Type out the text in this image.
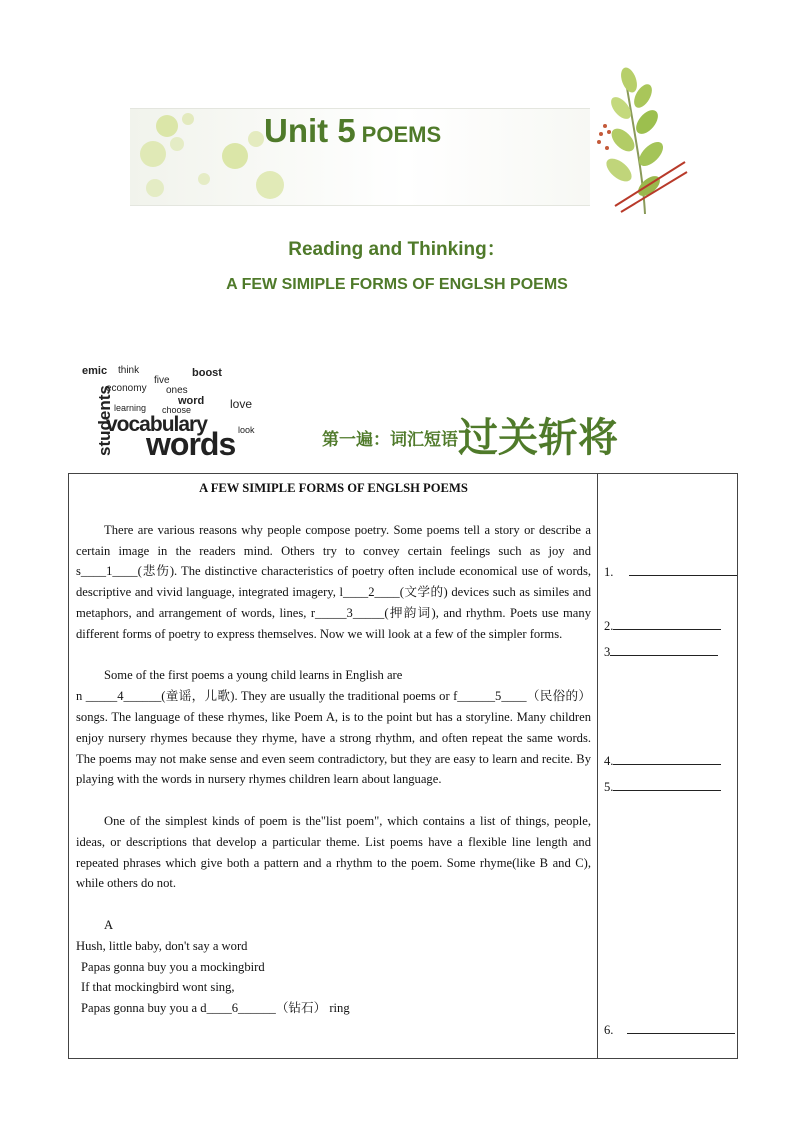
Unit 5 POEMS
Reading and Thinking：
A FEW SIMIPLE FORMS OF ENGLSH POEMS
students
emic
economy
learning
word
boost
love
choose
think
five
ones
vocabulary
words look	第一遍：词汇短语过关斩将

A FEW SIMIPLE FORMS OF ENGLSH POEMS

There are various reasons why people compose poetry. Some poems tell a story or describe a certain image in the readers mind. Others try to convey certain feelings such as joy and s____1____(悲伤). The distinctive characteristics of poetry often include economical use of words, descriptive and vivid language, integrated imagery, l____2____(文学的) devices such as similes and metaphors, and arrangement of words, lines, r_____3_____(押韵词), and rhythm. Poets use many different forms of poetry to express themselves. Now we will look at a few of the simpler forms.

Some of the first poems a young child learns in English are

n _____4______(童谣，儿歌). They are usually the traditional poems or f______5____（民俗的） songs. The language of these rhymes, like Poem A, is to the point but has a storyline. Many children enjoy nursery rhymes because they rhyme, have a strong rhythm, and often repeat the same words. The poems may not make sense and even seem contradictory, but they are easy to learn and recite. By playing with the words in nursery rhymes children learn about language.

One of the simplest kinds of poem is the"list poem", which contains a list of things, people, ideas, or descriptions that develop a particular theme. List poems have a flexible line length and repeated phrases which give both a pattern and a rhythm to the poem. Some rhyme(like B and C), while others do not.

A

Hush, little baby, don't say a word

Papas gonna buy you a mockingbird

If that mockingbird wont sing,

Papas gonna buy you a d____6______（钻石） ring

1.
2.
3
4.
5.
6.
